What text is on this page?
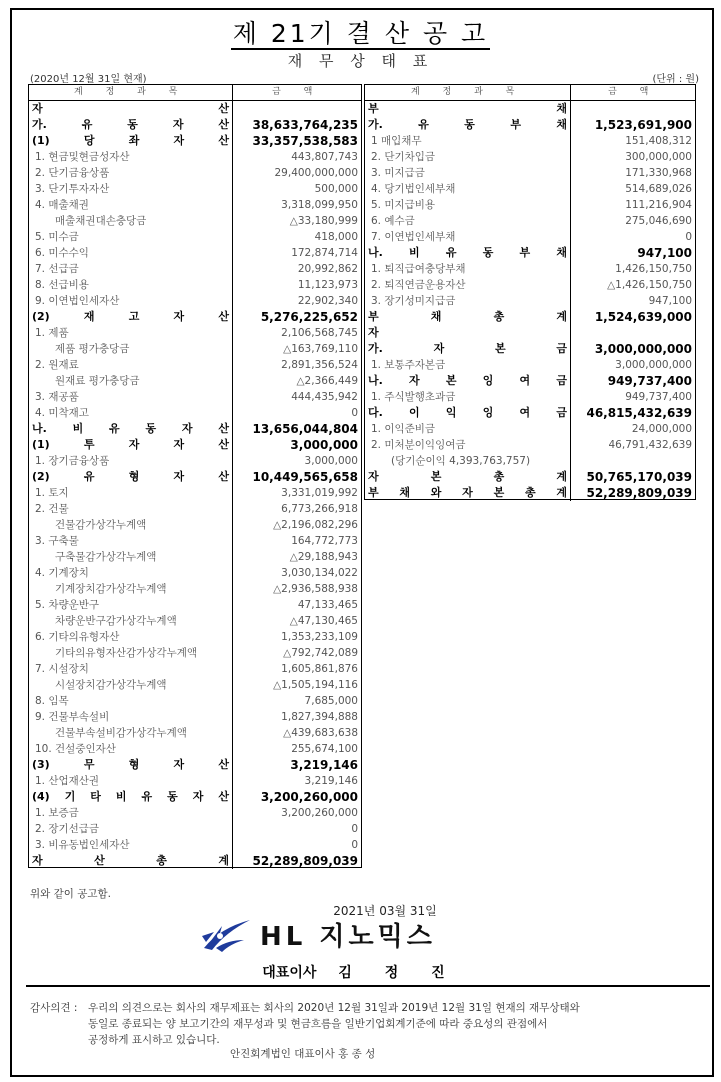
제 21기 결 산 공 고
재 무 상 태 표
(2020년 12월 31일 현재)	(단위 : 원)
계 정 과 목	금 액
자 산
가. 유 동 자 산	38,633,764,235
(1) 당 좌 자 산	33,357,538,583
1. 현금및현금성자산	443,807,743
2. 단기금융상품	29,400,000,000
3. 단기투자자산	500,000
4. 매출채권	3,318,099,950
매출채권대손충당금	△33,180,999
5. 미수금	418,000
6. 미수수익	172,874,714
7. 선급금	20,992,862
8. 선급비용	11,123,973
9. 이연법인세자산	22,902,340
(2) 재 고 자 산	5,276,225,652
1. 제품	2,106,568,745
제품 평가충당금	△163,769,110
2. 원재료	2,891,356,524
원재료 평가충당금	△2,366,449
3. 재공품	444,435,942
4. 미착재고	0
나. 비 유 동 자 산	13,656,044,804
(1) 투 자 자 산	3,000,000
1. 장기금융상품	3,000,000
(2) 유 형 자 산	10,449,565,658
1. 토지	3,331,019,992
2. 건물	6,773,266,918
건물감가상각누계액	△2,196,082,296
3. 구축물	164,772,773
구축물감가상각누계액	△29,188,943
4. 기계장치	3,030,134,022
기계장치감가상각누계액	△2,936,588,938
5. 차량운반구	47,133,465
차량운반구감가상각누계액	△47,130,465
6. 기타의유형자산	1,353,233,109
기타의유형자산감가상각누계액	△792,742,089
7. 시설장치	1,605,861,876
시설장치감가상각누계액	△1,505,194,116
8. 임목	7,685,000
9. 건물부속설비	1,827,394,888
건물부속설비감가상각누계액	△439,683,638
10. 건설중인자산	255,674,100
(3) 무 형 자 산	3,219,146
1. 산업재산권	3,219,146
(4) 기 타 비 유 동 자 산	3,200,260,000
1. 보증금	3,200,260,000
2. 장기선급금	0
3. 비유동법인세자산	0
자 산 총 계	52,289,809,039
계 정 과 목	금 액
부 채
가. 유 동 부 채	1,523,691,900
1 매입채무	151,408,312
2. 단기차입금	300,000,000
3. 미지급금	171,330,968
4. 당기법인세부채	514,689,026
5. 미지급비용	111,216,904
6. 예수금	275,046,690
7. 이연법인세부채	0
나. 비 유 동 부 채	947,100
1. 퇴직급여충당부채	1,426,150,750
2. 퇴직연금운용자산	△1,426,150,750
3. 장기성미지급금	947,100
부 채 총 계	1,524,639,000
자
가. 자 본 금	3,000,000,000
1. 보통주자본금	3,000,000,000
나. 자 본 잉 여 금	949,737,400
1. 주식발행초과금	949,737,400
다. 이 익 잉 여 금	46,815,432,639
1. 이익준비금	24,000,000
2. 미처분이익잉여금	46,791,432,639
(당기순이익 4,393,763,757)
자 본 총 계	50,765,170,039
부 채 와 자 본 총 계	52,289,809,039
위와 같이 공고함.
2021년 03월 31일
HL 지노믹스
대표이사 김 정 진
감사의견 : 우리의 의견으로는 회사의 재무제표는 회사의 2020년 12월 31일과 2019년 12월 31일 현재의 재무상태와
동일로 종료되는 양 보고기간의 재무성과 및 현금흐름을 일반기업회계기준에 따라 중요성의 관점에서
공정하게 표시하고 있습니다.
안진회계법인 대표이사 홍 종 성
